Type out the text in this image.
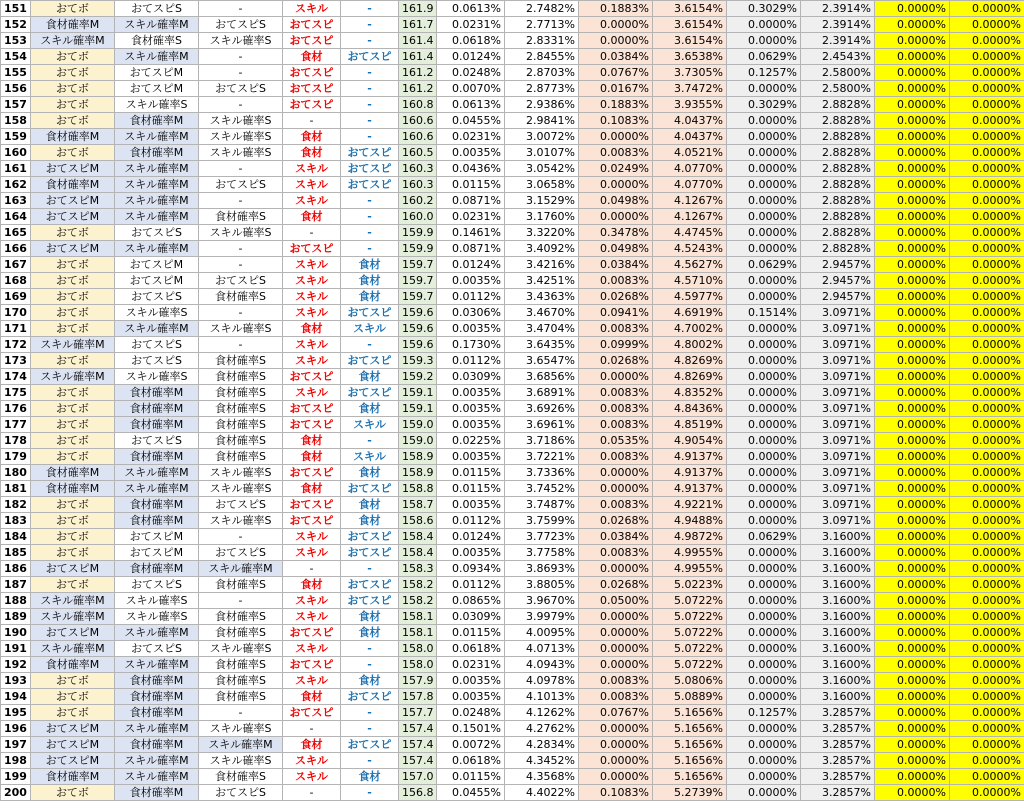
151	おてボ	おてスピS	-	スキル	-	161.9	0.0613%	2.7482%	0.1883%	3.6154%	0.3029%	2.3914%	0.0000%	0.0000%
152	食材確率M	スキル確率M	おてスピS	おてスピ	-	161.7	0.0231%	2.7713%	0.0000%	3.6154%	0.0000%	2.3914%	0.0000%	0.0000%
153	スキル確率M	食材確率S	スキル確率S	おてスピ	-	161.4	0.0618%	2.8331%	0.0000%	3.6154%	0.0000%	2.3914%	0.0000%	0.0000%
154	おてボ	スキル確率M	-	食材	おてスピ	161.4	0.0124%	2.8455%	0.0384%	3.6538%	0.0629%	2.4543%	0.0000%	0.0000%
155	おてボ	おてスピM	-	おてスピ	-	161.2	0.0248%	2.8703%	0.0767%	3.7305%	0.1257%	2.5800%	0.0000%	0.0000%
156	おてボ	おてスピM	おてスピS	おてスピ	-	161.2	0.0070%	2.8773%	0.0167%	3.7472%	0.0000%	2.5800%	0.0000%	0.0000%
157	おてボ	スキル確率S	-	おてスピ	-	160.8	0.0613%	2.9386%	0.1883%	3.9355%	0.3029%	2.8828%	0.0000%	0.0000%
158	おてボ	食材確率M	スキル確率S	-	-	160.6	0.0455%	2.9841%	0.1083%	4.0437%	0.0000%	2.8828%	0.0000%	0.0000%
159	食材確率M	スキル確率M	スキル確率S	食材	-	160.6	0.0231%	3.0072%	0.0000%	4.0437%	0.0000%	2.8828%	0.0000%	0.0000%
160	おてボ	食材確率M	スキル確率S	食材	おてスピ	160.5	0.0035%	3.0107%	0.0083%	4.0521%	0.0000%	2.8828%	0.0000%	0.0000%
161	おてスピM	スキル確率M	-	スキル	おてスピ	160.3	0.0436%	3.0542%	0.0249%	4.0770%	0.0000%	2.8828%	0.0000%	0.0000%
162	食材確率M	スキル確率M	おてスピS	スキル	おてスピ	160.3	0.0115%	3.0658%	0.0000%	4.0770%	0.0000%	2.8828%	0.0000%	0.0000%
163	おてスピM	スキル確率M	-	スキル	-	160.2	0.0871%	3.1529%	0.0498%	4.1267%	0.0000%	2.8828%	0.0000%	0.0000%
164	おてスピM	スキル確率M	食材確率S	食材	-	160.0	0.0231%	3.1760%	0.0000%	4.1267%	0.0000%	2.8828%	0.0000%	0.0000%
165	おてボ	おてスピS	スキル確率S	-	-	159.9	0.1461%	3.3220%	0.3478%	4.4745%	0.0000%	2.8828%	0.0000%	0.0000%
166	おてスピM	スキル確率M	-	おてスピ	-	159.9	0.0871%	3.4092%	0.0498%	4.5243%	0.0000%	2.8828%	0.0000%	0.0000%
167	おてボ	おてスピM	-	スキル	食材	159.7	0.0124%	3.4216%	0.0384%	4.5627%	0.0629%	2.9457%	0.0000%	0.0000%
168	おてボ	おてスピM	おてスピS	スキル	食材	159.7	0.0035%	3.4251%	0.0083%	4.5710%	0.0000%	2.9457%	0.0000%	0.0000%
169	おてボ	おてスピS	食材確率S	スキル	食材	159.7	0.0112%	3.4363%	0.0268%	4.5977%	0.0000%	2.9457%	0.0000%	0.0000%
170	おてボ	スキル確率S	-	スキル	おてスピ	159.6	0.0306%	3.4670%	0.0941%	4.6919%	0.1514%	3.0971%	0.0000%	0.0000%
171	おてボ	スキル確率M	スキル確率S	食材	スキル	159.6	0.0035%	3.4704%	0.0083%	4.7002%	0.0000%	3.0971%	0.0000%	0.0000%
172	スキル確率M	おてスピS	-	スキル	-	159.6	0.1730%	3.6435%	0.0999%	4.8002%	0.0000%	3.0971%	0.0000%	0.0000%
173	おてボ	おてスピS	食材確率S	スキル	おてスピ	159.3	0.0112%	3.6547%	0.0268%	4.8269%	0.0000%	3.0971%	0.0000%	0.0000%
174	スキル確率M	スキル確率S	食材確率S	おてスピ	食材	159.2	0.0309%	3.6856%	0.0000%	4.8269%	0.0000%	3.0971%	0.0000%	0.0000%
175	おてボ	食材確率M	食材確率S	スキル	おてスピ	159.1	0.0035%	3.6891%	0.0083%	4.8352%	0.0000%	3.0971%	0.0000%	0.0000%
176	おてボ	食材確率M	食材確率S	おてスピ	食材	159.1	0.0035%	3.6926%	0.0083%	4.8436%	0.0000%	3.0971%	0.0000%	0.0000%
177	おてボ	食材確率M	食材確率S	おてスピ	スキル	159.0	0.0035%	3.6961%	0.0083%	4.8519%	0.0000%	3.0971%	0.0000%	0.0000%
178	おてボ	おてスピS	食材確率S	食材	-	159.0	0.0225%	3.7186%	0.0535%	4.9054%	0.0000%	3.0971%	0.0000%	0.0000%
179	おてボ	食材確率M	食材確率S	食材	スキル	158.9	0.0035%	3.7221%	0.0083%	4.9137%	0.0000%	3.0971%	0.0000%	0.0000%
180	食材確率M	スキル確率M	スキル確率S	おてスピ	食材	158.9	0.0115%	3.7336%	0.0000%	4.9137%	0.0000%	3.0971%	0.0000%	0.0000%
181	食材確率M	スキル確率M	スキル確率S	食材	おてスピ	158.8	0.0115%	3.7452%	0.0000%	4.9137%	0.0000%	3.0971%	0.0000%	0.0000%
182	おてボ	食材確率M	おてスピS	おてスピ	食材	158.7	0.0035%	3.7487%	0.0083%	4.9221%	0.0000%	3.0971%	0.0000%	0.0000%
183	おてボ	食材確率M	スキル確率S	おてスピ	食材	158.6	0.0112%	3.7599%	0.0268%	4.9488%	0.0000%	3.0971%	0.0000%	0.0000%
184	おてボ	おてスピM	-	スキル	おてスピ	158.4	0.0124%	3.7723%	0.0384%	4.9872%	0.0629%	3.1600%	0.0000%	0.0000%
185	おてボ	おてスピM	おてスピS	スキル	おてスピ	158.4	0.0035%	3.7758%	0.0083%	4.9955%	0.0000%	3.1600%	0.0000%	0.0000%
186	おてスピM	食材確率M	スキル確率M	-	-	158.3	0.0934%	3.8693%	0.0000%	4.9955%	0.0000%	3.1600%	0.0000%	0.0000%
187	おてボ	おてスピS	食材確率S	食材	おてスピ	158.2	0.0112%	3.8805%	0.0268%	5.0223%	0.0000%	3.1600%	0.0000%	0.0000%
188	スキル確率M	スキル確率S	-	スキル	おてスピ	158.2	0.0865%	3.9670%	0.0500%	5.0722%	0.0000%	3.1600%	0.0000%	0.0000%
189	スキル確率M	スキル確率S	食材確率S	スキル	食材	158.1	0.0309%	3.9979%	0.0000%	5.0722%	0.0000%	3.1600%	0.0000%	0.0000%
190	おてスピM	スキル確率M	食材確率S	おてスピ	食材	158.1	0.0115%	4.0095%	0.0000%	5.0722%	0.0000%	3.1600%	0.0000%	0.0000%
191	スキル確率M	おてスピS	スキル確率S	スキル	-	158.0	0.0618%	4.0713%	0.0000%	5.0722%	0.0000%	3.1600%	0.0000%	0.0000%
192	食材確率M	スキル確率M	食材確率S	おてスピ	-	158.0	0.0231%	4.0943%	0.0000%	5.0722%	0.0000%	3.1600%	0.0000%	0.0000%
193	おてボ	食材確率M	食材確率S	スキル	食材	157.9	0.0035%	4.0978%	0.0083%	5.0806%	0.0000%	3.1600%	0.0000%	0.0000%
194	おてボ	食材確率M	食材確率S	食材	おてスピ	157.8	0.0035%	4.1013%	0.0083%	5.0889%	0.0000%	3.1600%	0.0000%	0.0000%
195	おてボ	食材確率M	-	おてスピ	-	157.7	0.0248%	4.1262%	0.0767%	5.1656%	0.1257%	3.2857%	0.0000%	0.0000%
196	おてスピM	スキル確率M	スキル確率S	-	-	157.4	0.1501%	4.2762%	0.0000%	5.1656%	0.0000%	3.2857%	0.0000%	0.0000%
197	おてスピM	食材確率M	スキル確率M	食材	おてスピ	157.4	0.0072%	4.2834%	0.0000%	5.1656%	0.0000%	3.2857%	0.0000%	0.0000%
198	おてスピM	スキル確率M	スキル確率S	スキル	-	157.4	0.0618%	4.3452%	0.0000%	5.1656%	0.0000%	3.2857%	0.0000%	0.0000%
199	食材確率M	スキル確率M	食材確率S	スキル	食材	157.0	0.0115%	4.3568%	0.0000%	5.1656%	0.0000%	3.2857%	0.0000%	0.0000%
200	おてボ	食材確率M	おてスピS	-	-	156.8	0.0455%	4.4022%	0.1083%	5.2739%	0.0000%	3.2857%	0.0000%	0.0000%
